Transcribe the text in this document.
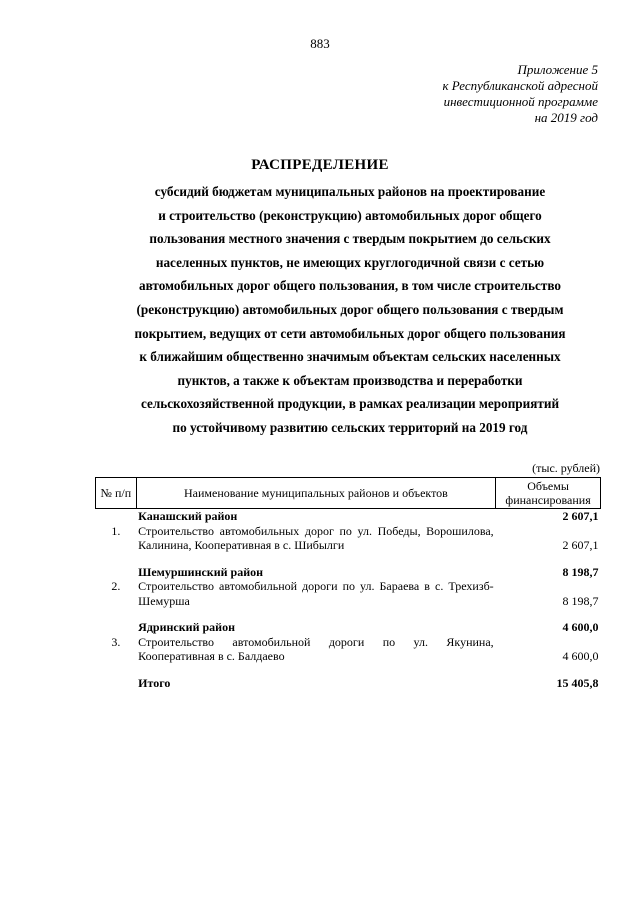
883
Приложение 5
к Республиканской адресной
инвестиционной программе
на 2019 год
РАСПРЕДЕЛЕНИЕ
субсидий бюджетам муниципальных районов на проектирование
и строительство (реконструкцию) автомобильных дорог общего
пользования местного значения с твердым покрытием до сельских
населенных пунктов, не имеющих круглогодичной связи с сетью
автомобильных дорог общего пользования, в том числе строительство
(реконструкцию) автомобильных дорог общего пользования с твердым
покрытием, ведущих от сети автомобильных дорог общего пользования
к ближайшим общественно значимым объектам сельских населенных
пунктов, а также к объектам производства и переработки
сельскохозяйственной продукции, в рамках реализации мероприятий
по устойчивому развитию сельских территорий на 2019 год
(тыс. рублей)
№ п/п	Наименование муниципальных районов и объектов	Объемы финансирования
	Канашский район	2 607,1
1.	Строительство автомобильных дорог по ул. Победы, Ворошилова, Калинина, Кооперативная в с. Шибылги	2 607,1

	Шемуршинский район	8 198,7
2.	Строительство автомобильной дороги по ул. Бараева в с. Трехизб-Шемурша	8 198,7

	Ядринский район	4 600,0
3.	Строительство автомобильной дороги по ул. Якунина, Кооперативная в с. Балдаево	4 600,0

	Итого	15 405,8
